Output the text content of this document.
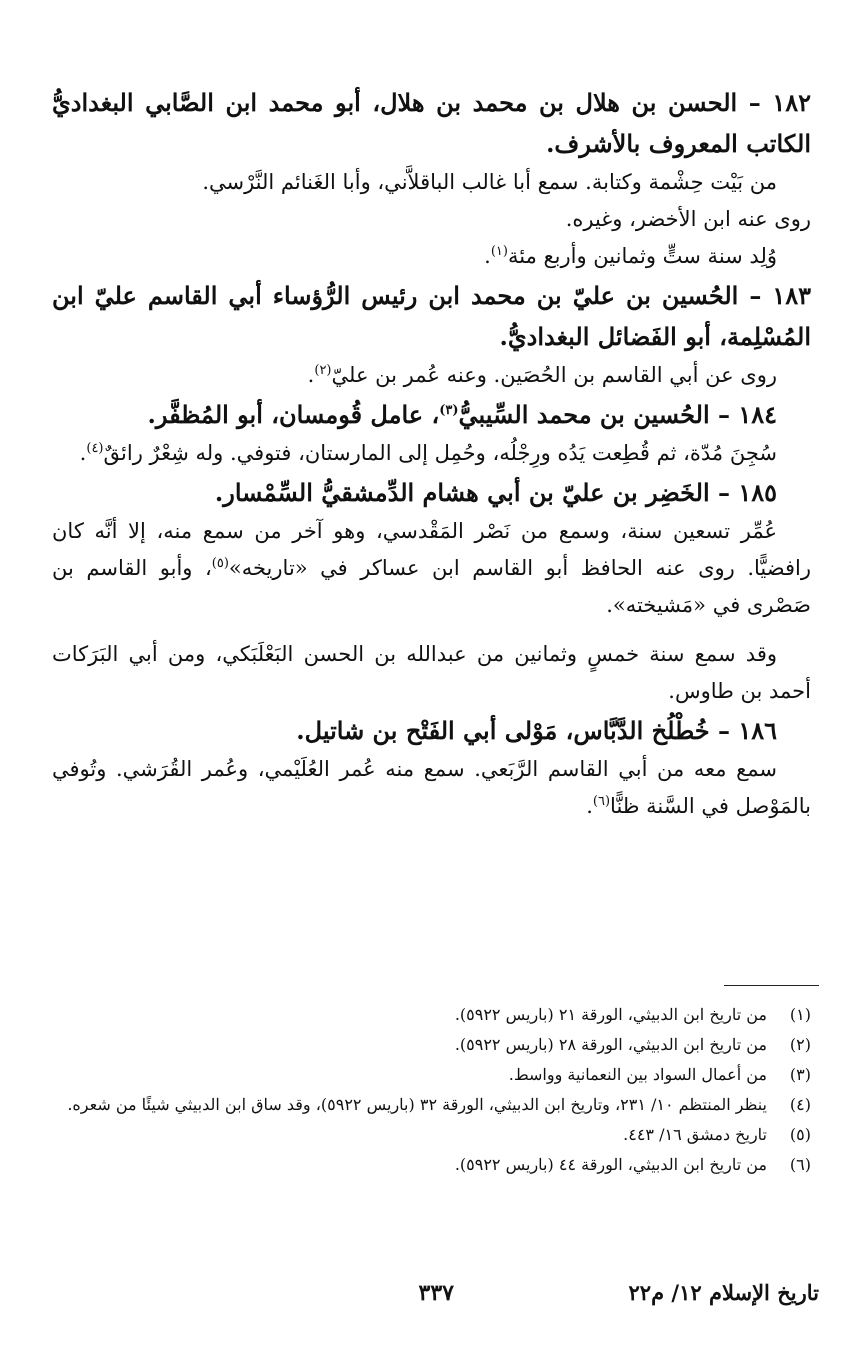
١٨٢ – الحسن بن هلال بن محمد بن هلال، أبو محمد ابن الصَّابي البغداديُّ الكاتب المعروف بالأشرف.

من بَيْت حِشْمة وكتابة. سمع أبا غالب الباقلاَّني، وأبا الغَنائم النَّرْسي.

روى عنه ابن الأخضر، وغيره.

وُلِد سنة ستٍّ وثمانين وأربع مئة$^{(١)}$.

١٨٣ – الحُسين بن عليّ بن محمد ابن رئيس الرُّؤساء أبي القاسم عليّ ابن المُسْلِمة، أبو الفَضائل البغداديُّ.

روى عن أبي القاسم بن الحُصَين. وعنه عُمر بن عليّ$^{(٢)}$.

١٨٤ – الحُسين بن محمد السِّيبيُّ$^{(٣)}$، عامل قُومسان، أبو المُظفَّر.

سُجِنَ مُدّة، ثم قُطِعت يَدُه ورِجْلُه، وحُمِل إلى المارستان، فتوفي. وله شِعْرٌ رائقٌ$^{(٤)}$.

١٨٥ – الخَضِر بن عليّ بن أبي هشام الدِّمشقيُّ السِّمْسار.

عُمِّر تسعين سنة، وسمع من نَصْر المَقْدسي، وهو آخر من سمع منه، إلا أنَّه كان رافضيًّا. روى عنه الحافظ أبو القاسم ابن عساكر في «تاريخه»$^{(٥)}$، وأبو القاسم بن صَصْرى في «مَشيخته».

وقد سمع سنة خمسٍ وثمانين من عبدالله بن الحسن البَعْلَبَكي، ومن أبي البَرَكات أحمد بن طاوس.

١٨٦ – خُطْلُخ الدَّبَّاس، مَوْلى أبي الفَتْح بن شاتيل.

سمع معه من أبي القاسم الرَّبَعي. سمع منه عُمر العُلَيْمي، وعُمر القُرَشي. وتُوفي بالمَوْصل في السَّنة ظنًّا$^{(٦)}$.

(١)
من تاريخ ابن الدبيثي، الورقة ٢١ (باريس ٥٩٢٢).
(٢)
من تاريخ ابن الدبيثي، الورقة ٢٨ (باريس ٥٩٢٢).
(٣)
من أعمال السواد بين النعمانية وواسط.
(٤)
ينظر المنتظم ١٠/ ٢٣١، وتاريخ ابن الدبيثي، الورقة ٣٢ (باريس ٥٩٢٢)، وقد ساق ابن الدبيثي شيئًا من شعره.
(٥)
تاريخ دمشق ١٦/ ٤٤٣.
(٦)
من تاريخ ابن الدبيثي، الورقة ٤٤ (باريس ٥٩٢٢).
تاريخ الإسلام ١٢/ م٢٢
٣٣٧
